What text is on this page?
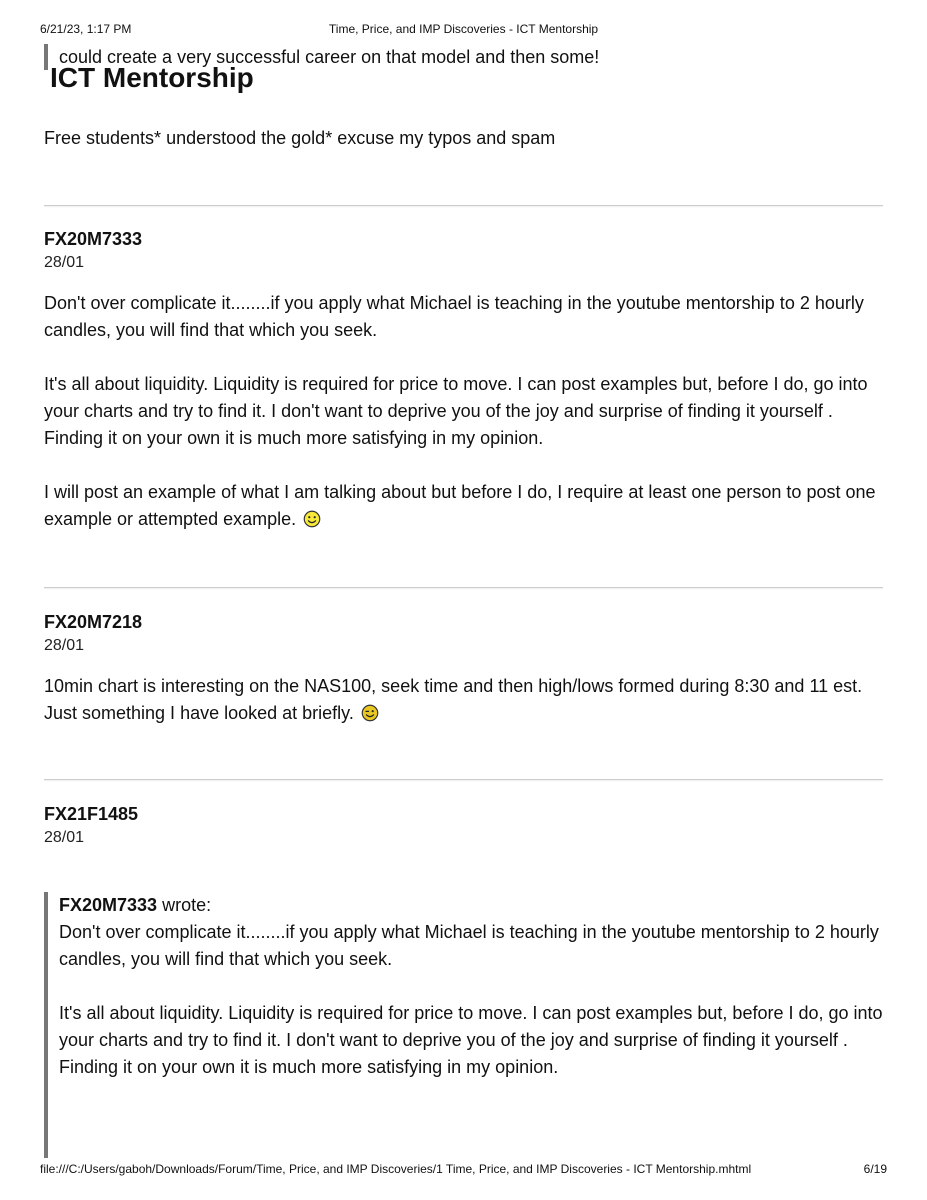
6/21/23, 1:17 PM	Time, Price, and IMP Discoveries - ICT Mentorship
could create a very successful career on that model and then some!
ICT Mentorship
Free students* understood the gold* excuse my typos and spam
FX20M7333
28/01

Don't over complicate it........if you apply what Michael is teaching in the youtube mentorship to 2 hourly candles, you will find that which you seek.

It's all about liquidity. Liquidity is required for price to move. I can post examples but, before I do, go into your charts and try to find it. I don't want to deprive you of the joy and surprise of finding it yourself . Finding it on your own it is much more satisfying in my opinion.

I will post an example of what I am talking about but before I do, I require at least one person to post one example or attempted example.

FX20M7218
28/01

10min chart is interesting on the NAS100, seek time and then high/lows formed during 8:30 and 11 est. Just something I have looked at briefly.

FX21F1485
28/01
FX20M7333 wrote:

Don't over complicate it........if you apply what Michael is teaching in the youtube mentorship to 2 hourly candles, you will find that which you seek.

It's all about liquidity. Liquidity is required for price to move. I can post examples but, before I do, go into your charts and try to find it. I don't want to deprive you of the joy and surprise of finding it yourself . Finding it on your own it is much more satisfying in my opinion.

file:///C:/Users/gaboh/Downloads/Forum/Time, Price, and IMP Discoveries/1 Time, Price, and IMP Discoveries - ICT Mentorship.mhtml	6/19
